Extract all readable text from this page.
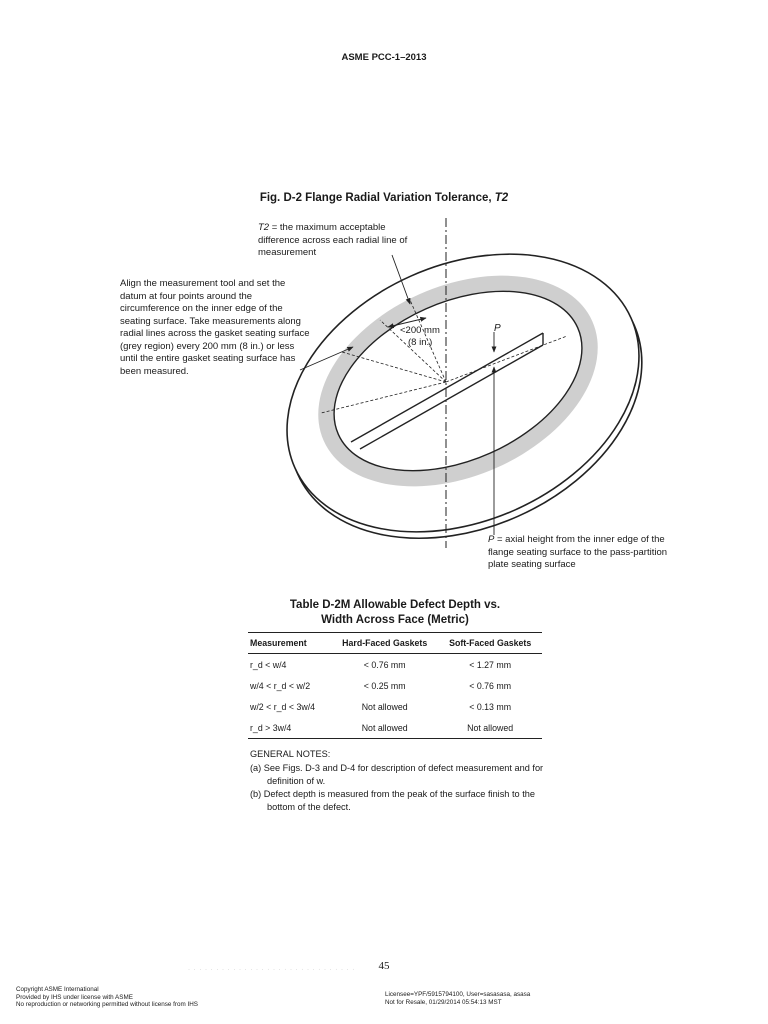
ASME PCC-1–2013
Fig. D-2 Flange Radial Variation Tolerance, T2
T2 = the maximum acceptable difference across each radial line of measurement
Align the measurement tool and set the datum at four points around the circumference on the inner edge of the seating surface. Take measurements along radial lines across the gasket seating surface (grey region) every 200 mm (8 in.) or less until the entire gasket seating surface has been measured.
<200 mm
(8 in.)
P
P = axial height from the inner edge of the flange seating surface to the pass-partition plate seating surface
Table D-2M Allowable Defect Depth vs.
Width Across Face (Metric)
Measurement	Hard-Faced Gaskets	Soft-Faced Gaskets
r_d < w/4	< 0.76 mm	< 1.27 mm
w/4 < r_d < w/2	< 0.25 mm	< 0.76 mm
w/2 < r_d < 3w/4	Not allowed	< 0.13 mm
r_d > 3w/4	Not allowed	Not allowed
GENERAL NOTES:
(a) See Figs. D-3 and D-4 for description of defect measurement and for definition of w.
(b) Defect depth is measured from the peak of the surface finish to the bottom of the defect.
· · · · · · · · · · · · · · · · · · · · · · · · · · · · · ·	45
Copyright ASME International
Provided by IHS under license with ASME
No reproduction or networking permitted without license from IHS
Licensee=YPF/5915794100, User=sasasasa, asasa
Not for Resale, 01/29/2014 05:54:13 MST
